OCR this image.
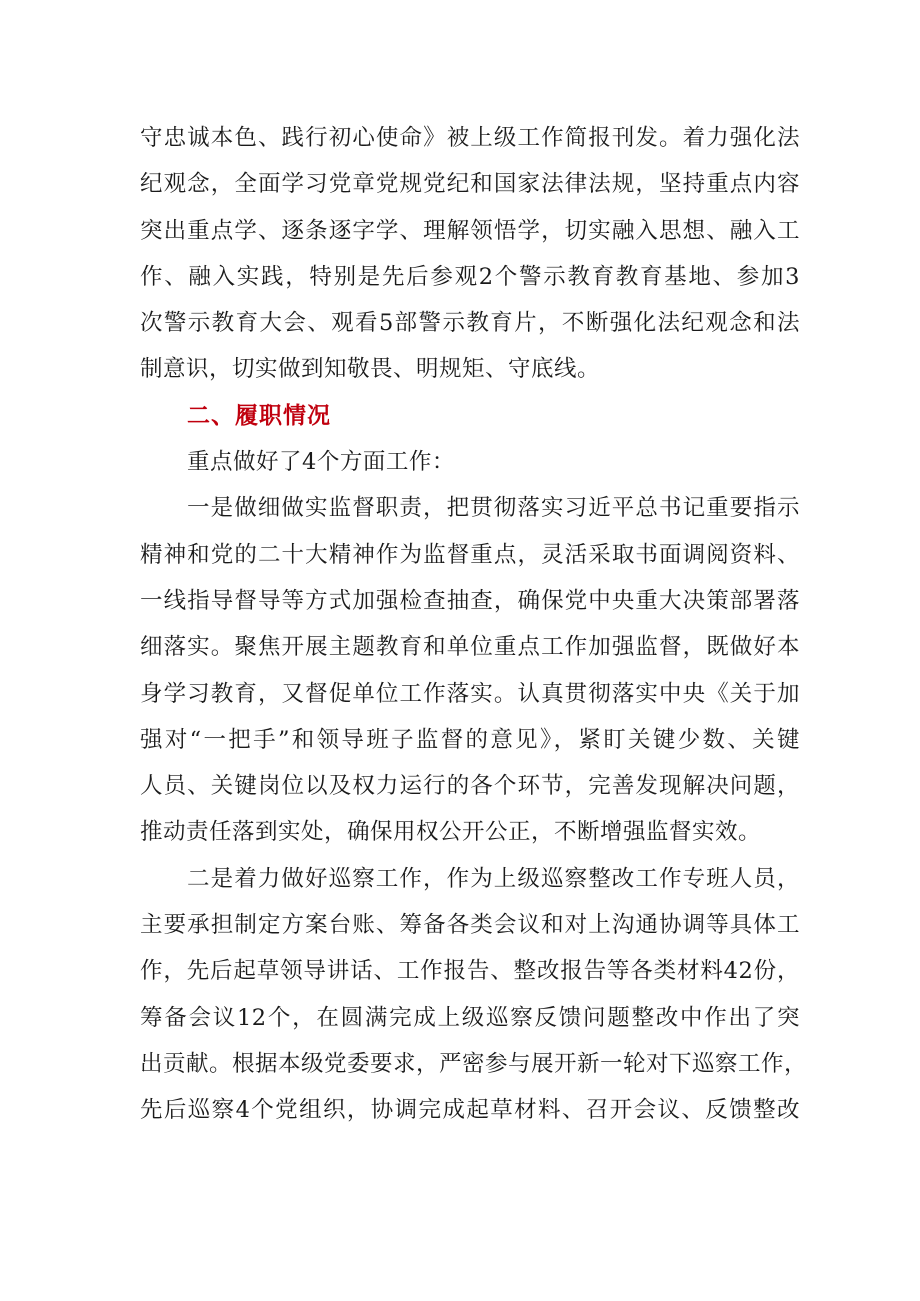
守忠诚本色、践行初心使命》被上级工作简报刊发。着力强化法
纪观念，全面学习党章党规党纪和国家法律法规，坚持重点内容
突出重点学、逐条逐字学、理解领悟学，切实融入思想、融入工
作、融入实践，特别是先后参观2个警示教育教育基地、参加3
次警示教育大会、观看5部警示教育片，不断强化法纪观念和法
制意识，切实做到知敬畏、明规矩、守底线。
二、履职情况
重点做好了4个方面工作：
一是做细做实监督职责，把贯彻落实习近平总书记重要指示
精神和党的二十大精神作为监督重点，灵活采取书面调阅资料、
一线指导督导等方式加强检查抽查，确保党中央重大决策部署落
细落实。聚焦开展主题教育和单位重点工作加强监督，既做好本
身学习教育，又督促单位工作落实。认真贯彻落实中央《关于加
强对“一把手”和领导班子监督的意见》，紧盯关键少数、关键
人员、关键岗位以及权力运行的各个环节，完善发现解决问题，
推动责任落到实处，确保用权公开公正，不断增强监督实效。
二是着力做好巡察工作，作为上级巡察整改工作专班人员，
主要承担制定方案台账、筹备各类会议和对上沟通协调等具体工
作，先后起草领导讲话、工作报告、整改报告等各类材料42份，
筹备会议12个，在圆满完成上级巡察反馈问题整改中作出了突
出贡献。根据本级党委要求，严密参与展开新一轮对下巡察工作，
先后巡察4个党组织，协调完成起草材料、召开会议、反馈整改
